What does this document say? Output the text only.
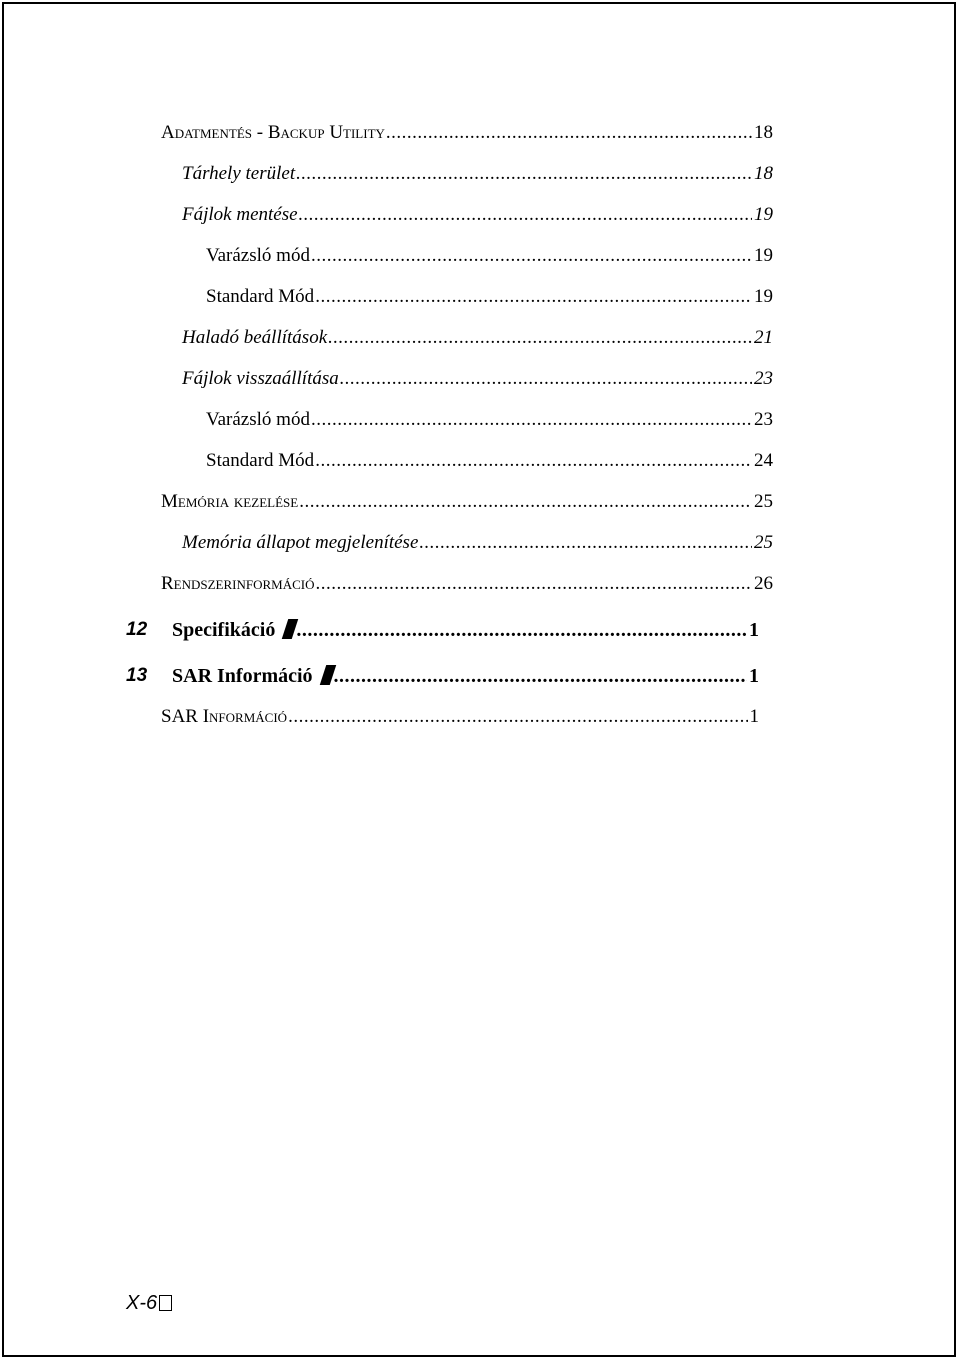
Adatmentés - Backup Utility .....	18
Tárhely terület .....	18
Fájlok mentése .....	19
Varázsló mód .....	19
Standard Mód .....	19
Haladó beállítások .....	21
Fájlok visszaállítása .....	23
Varázsló mód .....	23
Standard Mód .....	24
Memória kezelése .....	25
Memória állapot megjelenítése .....	25
Rendszerinformáció .....	26
12 Specifikáció .....	1
13 SAR Információ .....	1
SAR Információ .....	1
X-6
